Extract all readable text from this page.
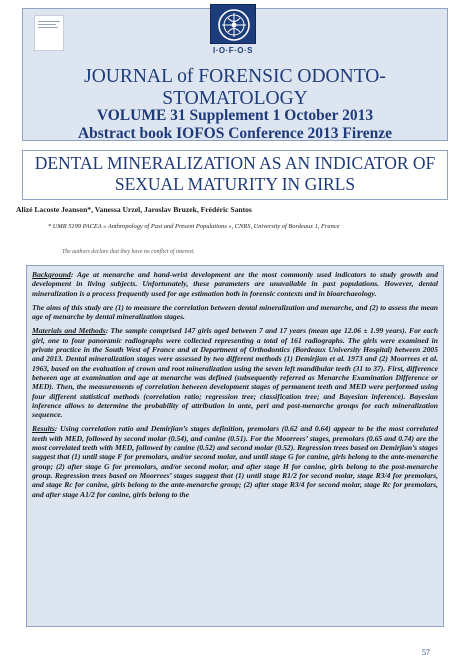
I·O·F·O·S
JOURNAL of FORENSIC ODONTO-STOMATOLOGY
VOLUME 31 Supplement 1 October 2013
Abstract book IOFOS Conference 2013 Firenze
DENTAL MINERALIZATION AS AN INDICATOR OF SEXUAL MATURITY IN GIRLS
Alizé Lacoste Jeanson*, Vanessa Urzel, Jaroslav Bruzek, Frédéric Santos
* UMR 5199 PACEA « Anthropology of Past and Present Populations », CNRS, University of Bordeaux 1, France
The authors declare that they have no conflict of interest.

Background: Age at menarche and hand-wrist development are the most commonly used indicators to study growth and development in living subjects. Unfortunately, these parameters are unavailable in past populations. However, dental mineralization is a process frequently used for age estimation both in forensic contexts and in bioarchaeology.

The aims of this study are (1) to measure the correlation between dental mineralization and menarche, and (2) to assess the mean age of menarche by dental mineralization stages.

Materials and Methods: The sample comprised 147 girls aged between 7 and 17 years (mean age 12.06 ± 1.99 years). For each girl, one to four panoramic radiographs were collected representing a total of 161 radiographs. The girls were examined in private practice in the South West of France and at Department of Orthodontics (Bordeaux University Hospital) between 2005 and 2013. Dental mineralization stages were assessed by two different methods (1) Demirjian et al. 1973 and (2) Moorrees et al. 1963, based on the evaluation of crown and root mineralization using the seven left mandibular teeth (31 to 37). First, difference between age at examination and age at menarche was defined (subsequently referred as Menarche Examination Difference or MED). Then, the measurements of correlation between development stages of permanent teeth and MED were performed using four different statistical methods (correlation ratio; regression tree; classification tree; and Bayesian inference). Bayesian inference allows to determine the probability of attribution in ante, peri and post-menarche groups for each mineralization sequence.

Results: Using correlation ratio and Demirjian’s stages definition, premolars (0.62 and 0.64) appear to be the most correlated teeth with MED, followed by second molar (0.54), and canine (0.51). For the Moorrees’ stages, premolars (0.65 and 0.74) are the most correlated teeth with MED, followed by canine (0.52) and second molar (0.52). Regression trees based on Demirjian’s stages suggest that (1) until stage F for premolars, and/or second molar, and until stage G for canine, girls belong to the ante-menarche group; (2) after stage G for premolars, and/or second molar, and after stage H for canine, girls belong to the post-menarche group. Regression trees based on Moorrees’ stages suggest that (1) until stage R1/2 for second molar, stage R3/4 for premolars, and stage Rc for canine, girls belong to the ante-menarche group; (2) after stage R3/4 for second molar, stage Rc for premolars, and after stage A1/2 for canine, girls belong to the

57
